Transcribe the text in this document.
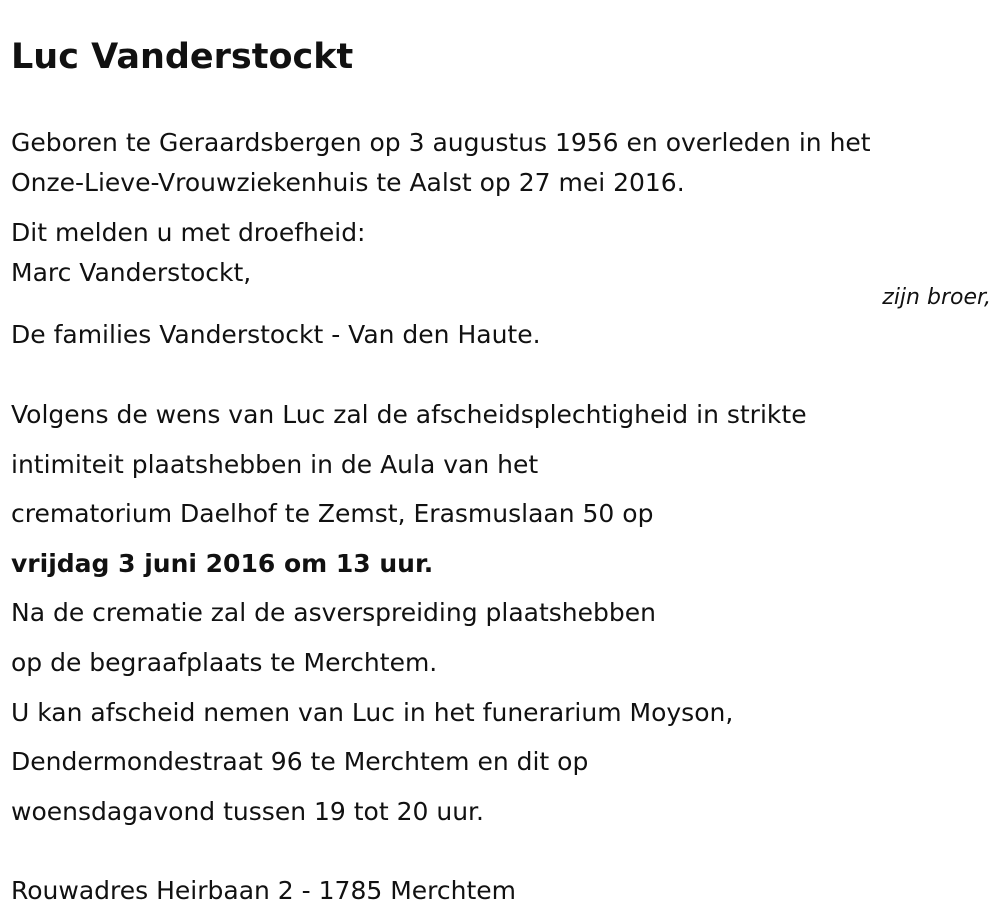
Luc Vanderstockt
Geboren te Geraardsbergen op 3 augustus 1956 en overleden in het
Onze-Lieve-Vrouwziekenhuis te Aalst op 27 mei 2016.
Dit melden u met droefheid:
Marc Vanderstockt,
zijn broer,
De families Vanderstockt - Van den Haute.
Volgens de wens van Luc zal de afscheidsplechtigheid in strikte
intimiteit plaatshebben in de Aula van het
crematorium Daelhof te Zemst, Erasmuslaan 50 op
vrijdag 3 juni 2016 om 13 uur.
Na de crematie zal de asverspreiding plaatshebben
op de begraafplaats te Merchtem.
U kan afscheid nemen van Luc in het funerarium Moyson,
Dendermondestraat 96 te Merchtem en dit op
woensdagavond tussen 19 tot 20 uur.
Rouwadres Heirbaan 2 - 1785 Merchtem
